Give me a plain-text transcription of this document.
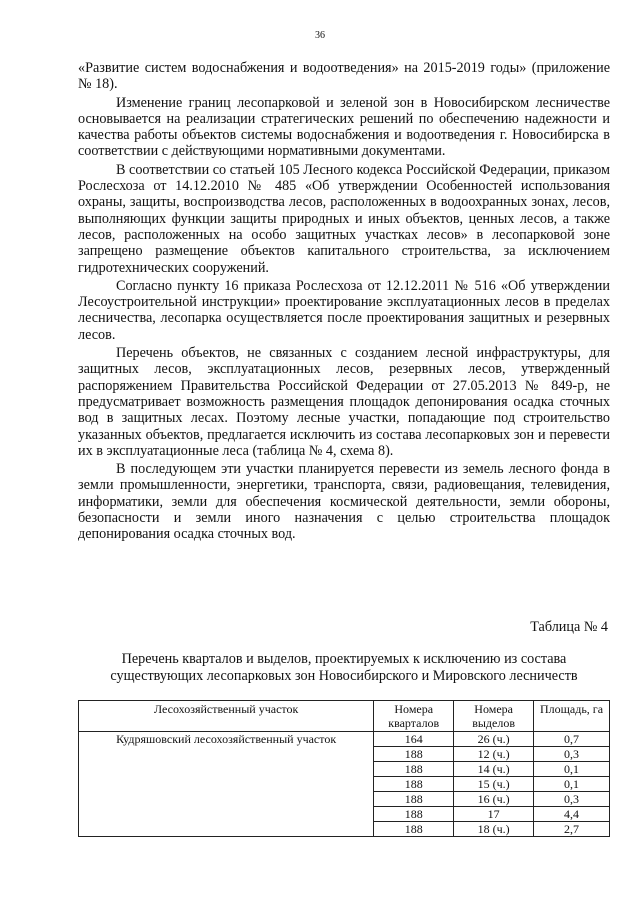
36

«Развитие систем водоснабжения и водоотведения» на 2015-2019 годы» (приложение № 18).

Изменение границ лесопарковой и зеленой зон в Новосибирском лесничестве основывается на реализации стратегических решений по обеспечению надежности и качества работы объектов системы водоснабжения и водоотведения г. Новосибирска в соответствии с действующими нормативными документами.

В соответствии со статьей 105 Лесного кодекса Российской Федерации, приказом Рослесхоза от 14.12.2010 № 485 «Об утверждении Особенностей использования охраны, защиты, воспроизводства лесов, расположенных в водоохранных зонах, лесов, выполняющих функции защиты природных и иных объектов, ценных лесов, а также лесов, расположенных на особо защитных участках лесов» в лесопарковой зоне запрещено размещение объектов капитального строительства, за исключением гидротехнических сооружений.

Согласно пункту 16 приказа Рослесхоза от 12.12.2011 № 516 «Об утверждении Лесоустроительной инструкции» проектирование эксплуатационных лесов в пределах лесничества, лесопарка осуществляется после проектирования защитных и резервных лесов.

Перечень объектов, не связанных с созданием лесной инфраструктуры, для защитных лесов, эксплуатационных лесов, резервных лесов, утвержденный распоряжением Правительства Российской Федерации от 27.05.2013 № 849-р, не предусматривает возможность размещения площадок депонирования осадка сточных вод в защитных лесах. Поэтому лесные участки, попадающие под строительство указанных объектов, предлагается исключить из состава лесопарковых зон и перевести их в эксплуатационные леса (таблица № 4, схема 8).

В последующем эти участки планируется перевести из земель лесного фонда в земли промышленности, энергетики, транспорта, связи, радиовещания, телевидения, информатики, земли для обеспечения космической деятельности, земли обороны, безопасности и земли иного назначения с целью строительства площадок депонирования осадка сточных вод.

Таблица № 4
Перечень кварталов и выделов, проектируемых к исключению из состава
существующих лесопарковых зон Новосибирского и Мировского лесничеств
Лесохозяйственный участок	Номера кварталов	Номера выделов	Площадь, га
Кудряшовский лесохозяйственный участок	164	26 (ч.)	0,7
	188	12 (ч.)	0,3
	188	14 (ч.)	0,1
	188	15 (ч.)	0,1
	188	16 (ч.)	0,3
	188	17	4,4
	188	18 (ч.)	2,7
